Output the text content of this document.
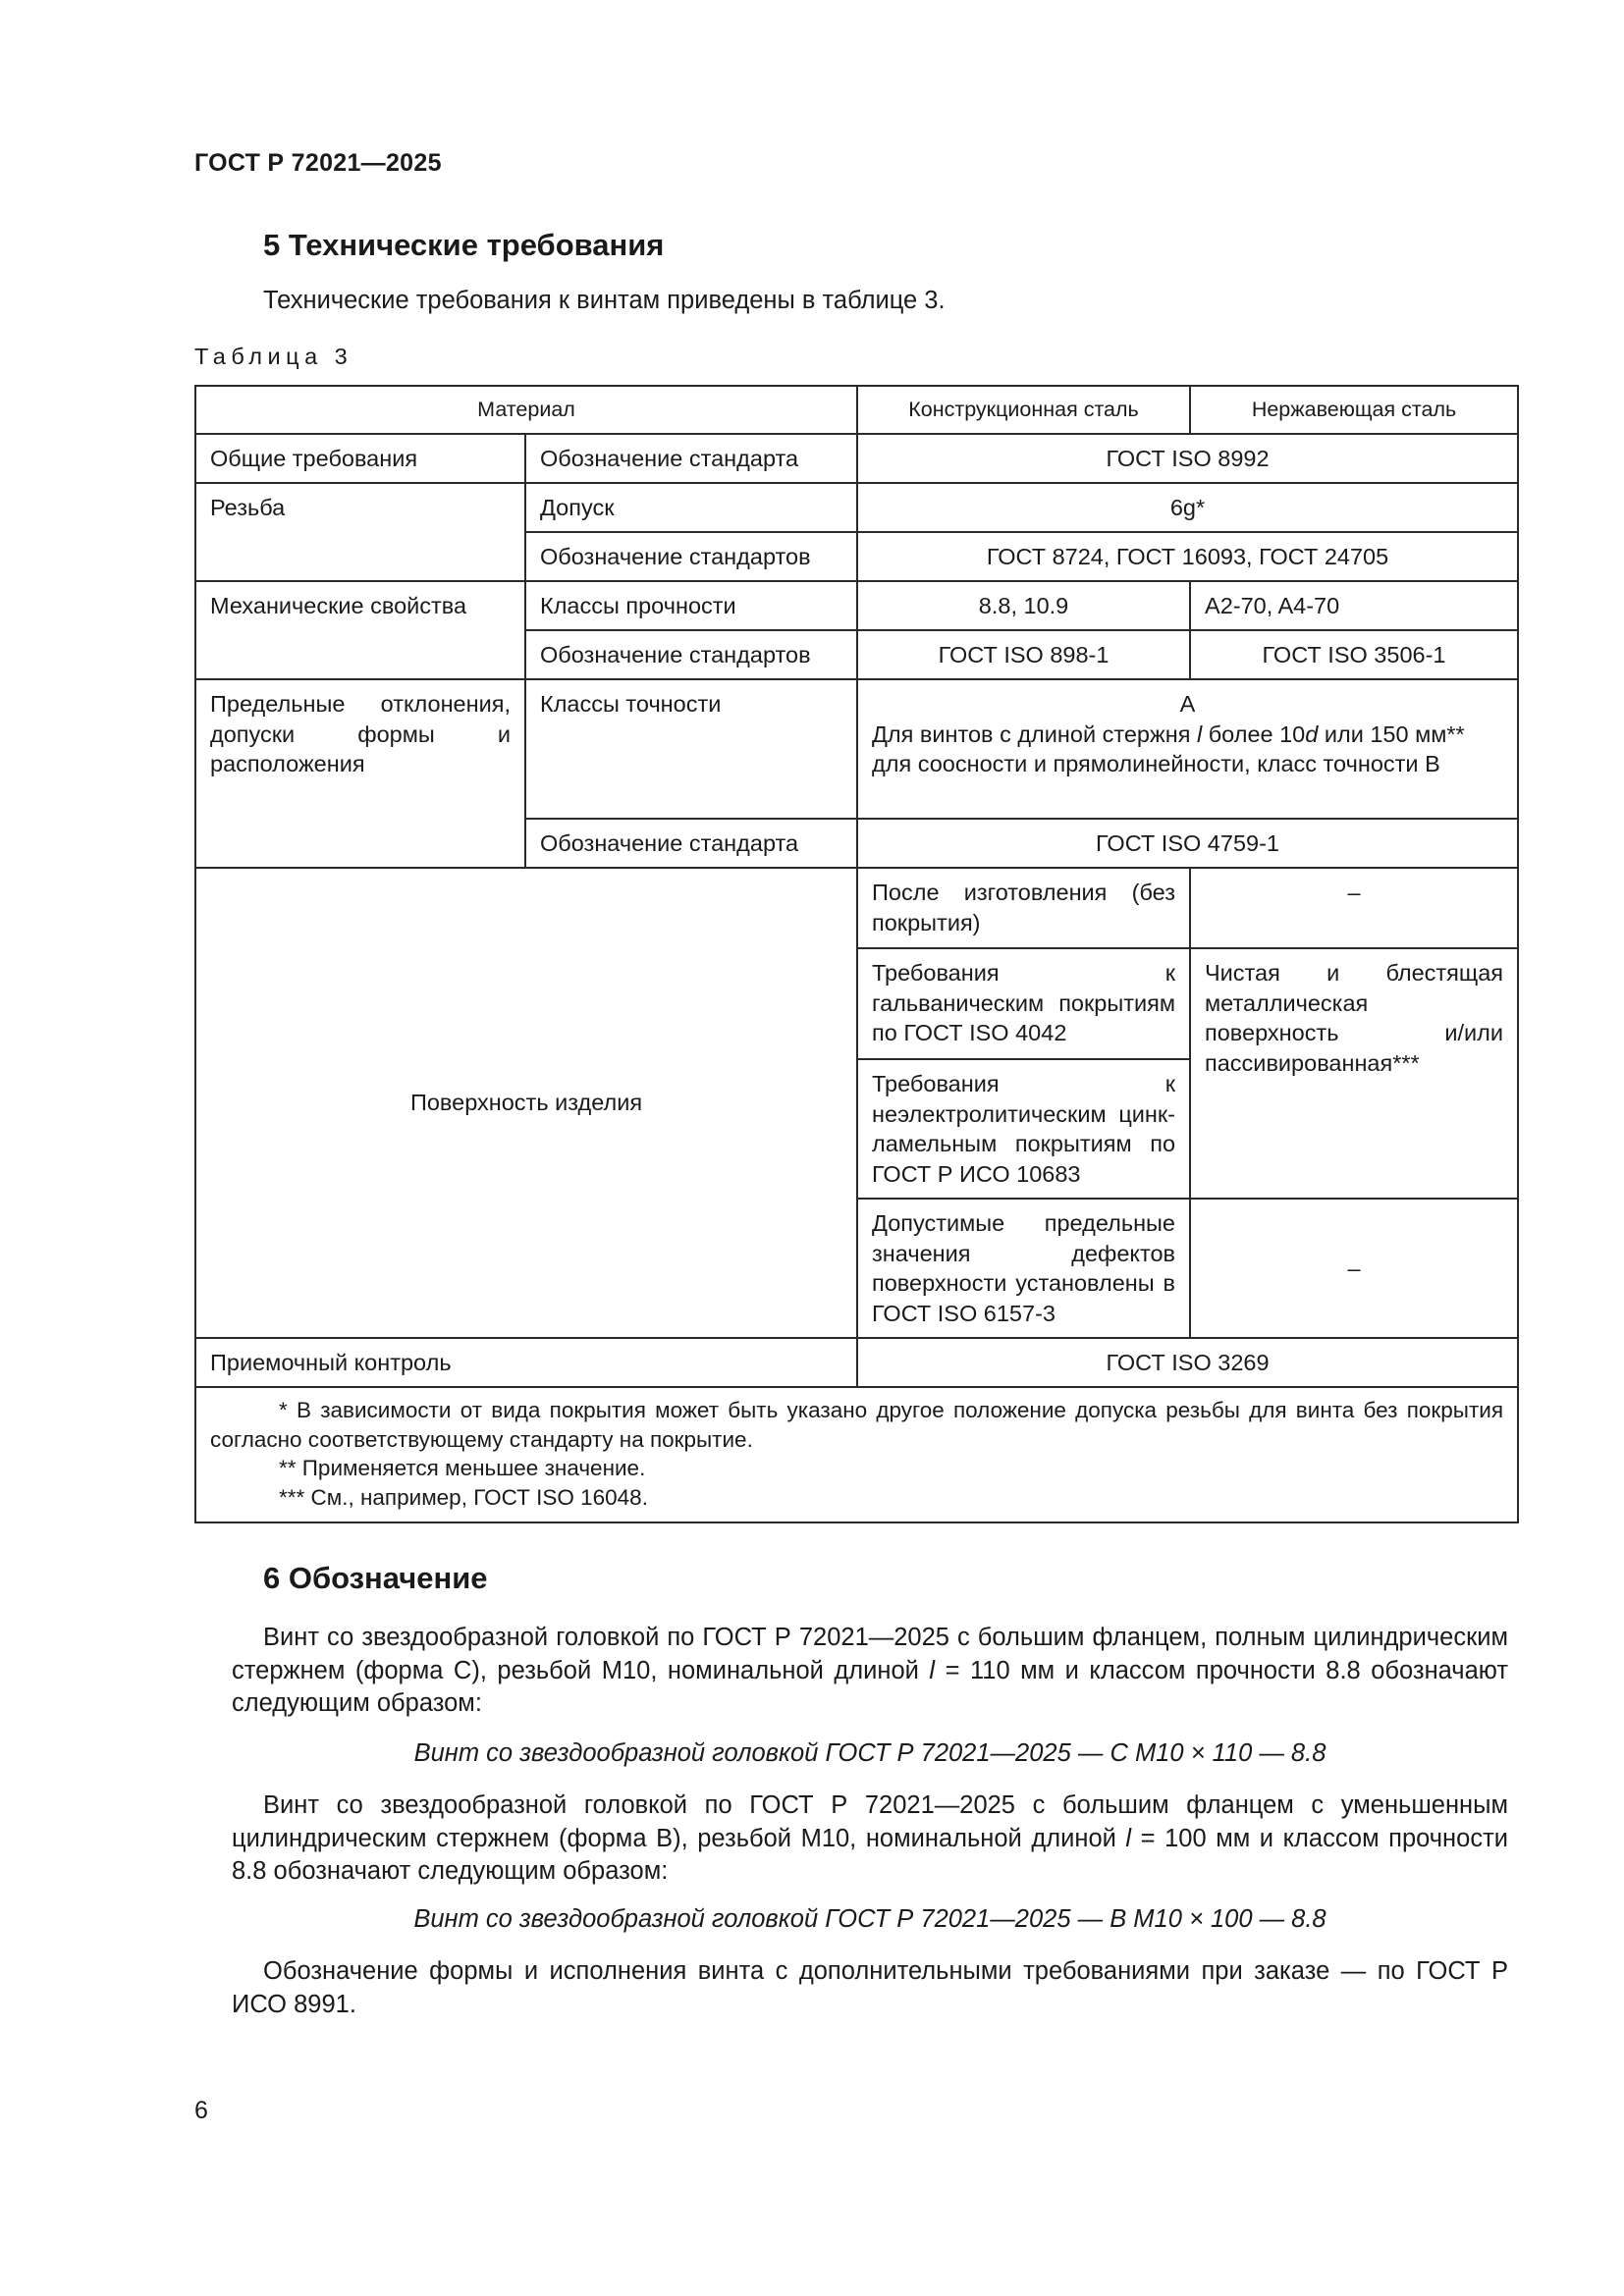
ГОСТ Р 72021—2025
5 Технические требования
Технические требования к винтам приведены в таблице 3.
Таблица 3
Материал		Конструкционная сталь	Нержавеющая сталь
Общие требования	Обозначение стандарта	ГОСТ ISO 8992	
Резьба	Допуск	6g*	
	Обозначение стандартов	ГОСТ 8724, ГОСТ 16093, ГОСТ 24705	
Механические свойства	Классы прочности	8.8, 10.9	A2-70, A4-70
	Обозначение стандартов	ГОСТ ISO 898-1	ГОСТ ISO 3506-1
Предельные отклонения, допуски формы и расположения	Классы точности	A
Для винтов с длиной стержня l более 10d или 150 мм** для соосности и прямолинейности, класс точности В	

	Обозначение стандарта	ГОСТ ISO 4759-1	
Поверхность изделия		После изготовления (без покрытия)	–
		Требования к гальваническим покрытиям по ГОСТ ISO 4042	Чистая и блестящая металлическая поверхность и/или пассивированная***
		Требования к неэлектролитическим цинк-ламельным покрытиям по ГОСТ Р ИСО 10683	
		Допустимые предельные значения дефектов поверхности установлены в ГОСТ ISO 6157-3	–
Приемочный контроль		ГОСТ ISO 3269	

* В зависимости от вида покрытия может быть указано другое положение допуска резьбы для винта без покрытия согласно соответствующему стандарту на покрытие.
** Применяется меньшее значение.
*** См., например, ГОСТ ISO 16048.			
6 Обозначение
Винт со звездообразной головкой по ГОСТ Р 72021—2025 с большим фланцем, полным цилиндрическим стержнем (форма С), резьбой М10, номинальной длиной l = 110 мм и классом прочности 8.8 обозначают следующим образом:
Винт со звездообразной головкой ГОСТ Р 72021—2025 — С М10 × 110 — 8.8
Винт со звездообразной головкой по ГОСТ Р 72021—2025 с большим фланцем с уменьшенным цилиндрическим стержнем (форма В), резьбой М10, номинальной длиной l = 100 мм и классом прочности 8.8 обозначают следующим образом:
Винт со звездообразной головкой ГОСТ Р 72021—2025 — В М10 × 100 — 8.8
Обозначение формы и исполнения винта с дополнительными требованиями при заказе — по ГОСТ Р ИСО 8991.
6
